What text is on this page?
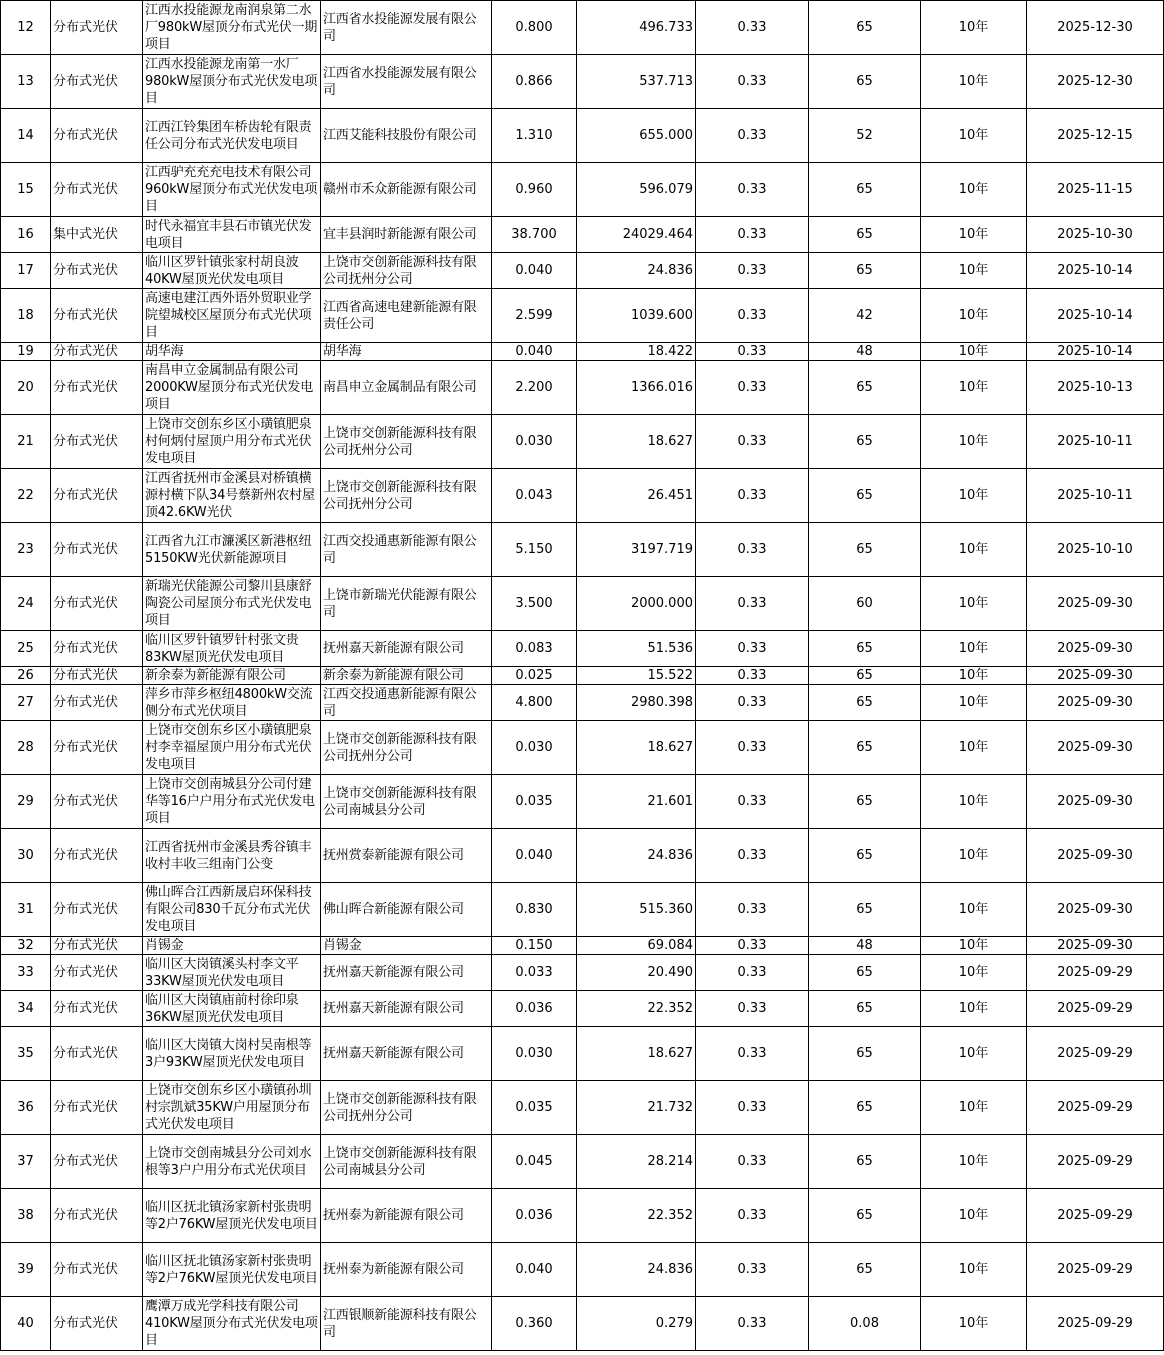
12	分布式光伏	江西水投能源龙南润泉第二水厂980kW屋顶分布式光伏一期项目	江西省水投能源发展有限公司	0.800	496.733	0.33	65	10年	2025-12-30
13	分布式光伏	江西水投能源龙南第一水厂980kW屋顶分布式光伏发电项目	江西省水投能源发展有限公司	0.866	537.713	0.33	65	10年	2025-12-30
14	分布式光伏	江西江铃集团车桥齿轮有限责任公司分布式光伏发电项目	江西艾能科技股份有限公司	1.310	655.000	0.33	52	10年	2025-12-15
15	分布式光伏	江西驴充充充电技术有限公司960kW屋顶分布式光伏发电项目	赣州市禾众新能源有限公司	0.960	596.079	0.33	65	10年	2025-11-15
16	集中式光伏	时代永福宜丰县石市镇光伏发电项目	宜丰县润时新能源有限公司	38.700	24029.464	0.33	65	10年	2025-10-30
17	分布式光伏	临川区罗针镇张家村胡良波40KW屋顶光伏发电项目	上饶市交创新能源科技有限公司抚州分公司	0.040	24.836	0.33	65	10年	2025-10-14
18	分布式光伏	高速电建江西外语外贸职业学院望城校区屋顶分布式光伏项目	江西省高速电建新能源有限责任公司	2.599	1039.600	0.33	42	10年	2025-10-14
19	分布式光伏	胡华海	胡华海	0.040	18.422	0.33	48	10年	2025-10-14
20	分布式光伏	南昌申立金属制品有限公司2000KW屋顶分布式光伏发电项目	南昌申立金属制品有限公司	2.200	1366.016	0.33	65	10年	2025-10-13
21	分布式光伏	上饶市交创东乡区小璜镇肥泉村何炳付屋顶户用分布式光伏发电项目	上饶市交创新能源科技有限公司抚州分公司	0.030	18.627	0.33	65	10年	2025-10-11
22	分布式光伏	江西省抚州市金溪县对桥镇横源村横下队34号蔡新州农村屋顶42.6KW光伏	上饶市交创新能源科技有限公司抚州分公司	0.043	26.451	0.33	65	10年	2025-10-11
23	分布式光伏	江西省九江市濂溪区新港枢纽5150KW光伏新能源项目	江西交投通惠新能源有限公司	5.150	3197.719	0.33	65	10年	2025-10-10
24	分布式光伏	新瑞光伏能源公司黎川县康舒陶瓷公司屋顶分布式光伏发电项目	上饶市新瑞光伏能源有限公司	3.500	2000.000	0.33	60	10年	2025-09-30
25	分布式光伏	临川区罗针镇罗针村张文贵83KW屋顶光伏发电项目	抚州嘉天新能源有限公司	0.083	51.536	0.33	65	10年	2025-09-30
26	分布式光伏	新余泰为新能源有限公司	新余泰为新能源有限公司	0.025	15.522	0.33	65	10年	2025-09-30
27	分布式光伏	萍乡市萍乡枢纽4800kW交流侧分布式光伏项目	江西交投通惠新能源有限公司	4.800	2980.398	0.33	65	10年	2025-09-30
28	分布式光伏	上饶市交创东乡区小璜镇肥泉村李幸福屋顶户用分布式光伏发电项目	上饶市交创新能源科技有限公司抚州分公司	0.030	18.627	0.33	65	10年	2025-09-30
29	分布式光伏	上饶市交创南城县分公司付建华等16户户用分布式光伏发电项目	上饶市交创新能源科技有限公司南城县分公司	0.035	21.601	0.33	65	10年	2025-09-30
30	分布式光伏	江西省抚州市金溪县秀谷镇丰收村丰收三组南门公变	抚州赏泰新能源有限公司	0.040	24.836	0.33	65	10年	2025-09-30
31	分布式光伏	佛山晖合江西新晟启环保科技有限公司830千瓦分布式光伏发电项目	佛山晖合新能源有限公司	0.830	515.360	0.33	65	10年	2025-09-30
32	分布式光伏	肖锡金	肖锡金	0.150	69.084	0.33	48	10年	2025-09-30
33	分布式光伏	临川区大岗镇溪头村李文平33KW屋顶光伏发电项目	抚州嘉天新能源有限公司	0.033	20.490	0.33	65	10年	2025-09-29
34	分布式光伏	临川区大岗镇庙前村徐印泉36KW屋顶光伏发电项目	抚州嘉天新能源有限公司	0.036	22.352	0.33	65	10年	2025-09-29
35	分布式光伏	临川区大岗镇大岗村吴南根等3户93KW屋顶光伏发电项目	抚州嘉天新能源有限公司	0.030	18.627	0.33	65	10年	2025-09-29
36	分布式光伏	上饶市交创东乡区小璜镇孙圳村宗凯斌35KW户用屋顶分布式光伏发电项目	上饶市交创新能源科技有限公司抚州分公司	0.035	21.732	0.33	65	10年	2025-09-29
37	分布式光伏	上饶市交创南城县分公司刘水根等3户户用分布式光伏项目	上饶市交创新能源科技有限公司南城县分公司	0.045	28.214	0.33	65	10年	2025-09-29
38	分布式光伏	临川区抚北镇汤家新村张贵明等2户76KW屋顶光伏发电项目	抚州泰为新能源有限公司	0.036	22.352	0.33	65	10年	2025-09-29
39	分布式光伏	临川区抚北镇汤家新村张贵明等2户76KW屋顶光伏发电项目	抚州泰为新能源有限公司	0.040	24.836	0.33	65	10年	2025-09-29
40	分布式光伏	鹰潭万成光学科技有限公司410KW屋顶分布式光伏发电项目	江西银顺新能源科技有限公司	0.360	0.279	0.33	0.08	10年	2025-09-29
